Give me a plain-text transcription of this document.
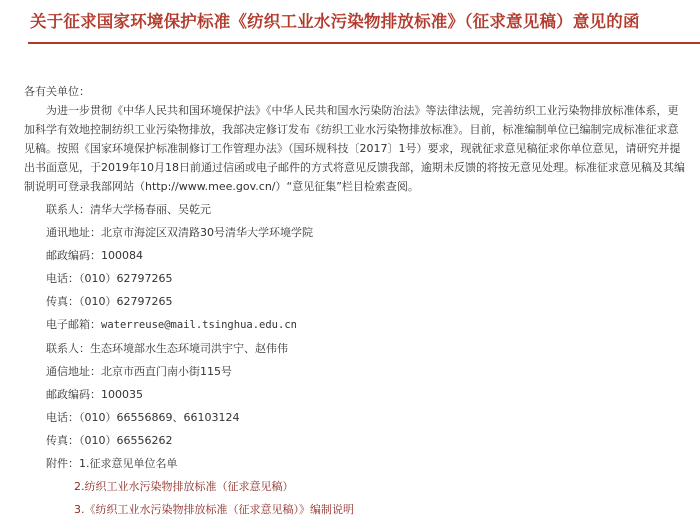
关于征求国家环境保护标准《纺织工业水污染物排放标准》（征求意见稿）意见的函
各有关单位：
为进一步贯彻《中华人民共和国环境保护法》《中华人民共和国水污染防治法》等法律法规，完善纺织工业污染物排放标准体系，更加科学有效地控制纺织工业污染物排放，我部决定修订发布《纺织工业水污染物排放标准》。目前，标准编制单位已编制完成标准征求意见稿。按照《国家环境保护标准制修订工作管理办法》（国环规科技〔2017〕1号）要求，现就征求意见稿征求你单位意见，请研究并提出书面意见，于2019年10月18日前通过信函或电子邮件的方式将意见反馈我部，逾期未反馈的将按无意见处理。标准征求意见稿及其编制说明可登录我部网站（http://www.mee.gov.cn/）“意见征集”栏目检索查阅。
联系人：清华大学杨春丽、吴乾元
通讯地址：北京市海淀区双清路30号清华大学环境学院
邮政编码：100084
电话：（010）62797265
传真：（010）62797265
电子邮箱：waterreuse@mail.tsinghua.edu.cn
联系人：生态环境部水生态环境司洪宇宁、赵伟伟
通信地址：北京市西直门南小街115号
邮政编码：100035
电话：（010）66556869、66103124
传真：（010）66556262
附件：1.征求意见单位名单
2.纺织工业水污染物排放标准（征求意见稿）
3.《纺织工业水污染物排放标准（征求意见稿）》编制说明
